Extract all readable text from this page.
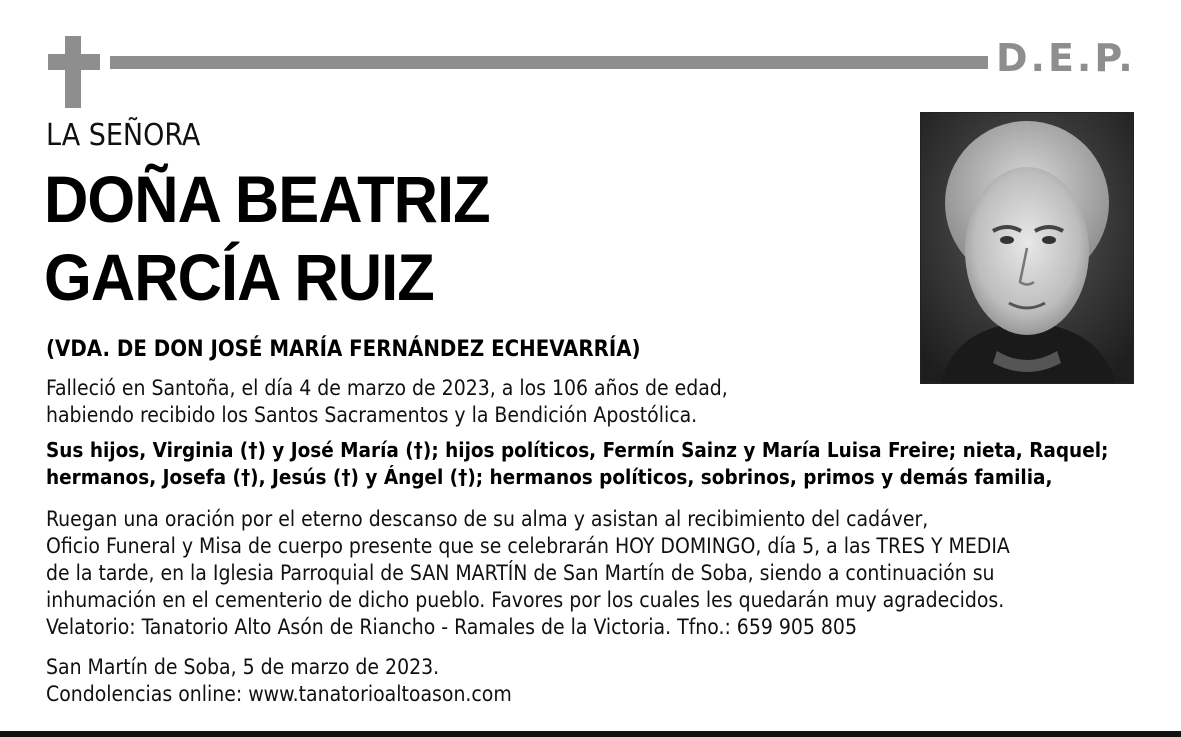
D.E.P.
LA SEÑORA
DOÑA BEATRIZ
GARCÍA RUIZ
(VDA. DE DON JOSÉ MARÍA FERNÁNDEZ ECHEVARRÍA)

Falleció en Santoña, el día 4 de marzo de 2023, a los 106 años de edad,

habiendo recibido los Santos Sacramentos y la Bendición Apostólica.

Sus hijos, Virginia (†) y José María (†); hijos políticos, Fermín Sainz y María Luisa Freire; nieta, Raquel;

hermanos, Josefa (†), Jesús (†) y Ángel (†); hermanos políticos, sobrinos, primos y demás familia,

Ruegan una oración por el eterno descanso de su alma y asistan al recibimiento del cadáver,

Oficio Funeral y Misa de cuerpo presente que se celebrarán HOY DOMINGO, día 5, a las TRES Y MEDIA

de la tarde, en la Iglesia Parroquial de SAN MARTÍN de San Martín de Soba, siendo a continuación su

inhumación en el cementerio de dicho pueblo. Favores por los cuales les quedarán muy agradecidos.

Velatorio: Tanatorio Alto Asón de Riancho - Ramales de la Victoria. Tfno.: 659 905 805

San Martín de Soba, 5 de marzo de 2023.

Condolencias online: www.tanatorioaltoason.com
